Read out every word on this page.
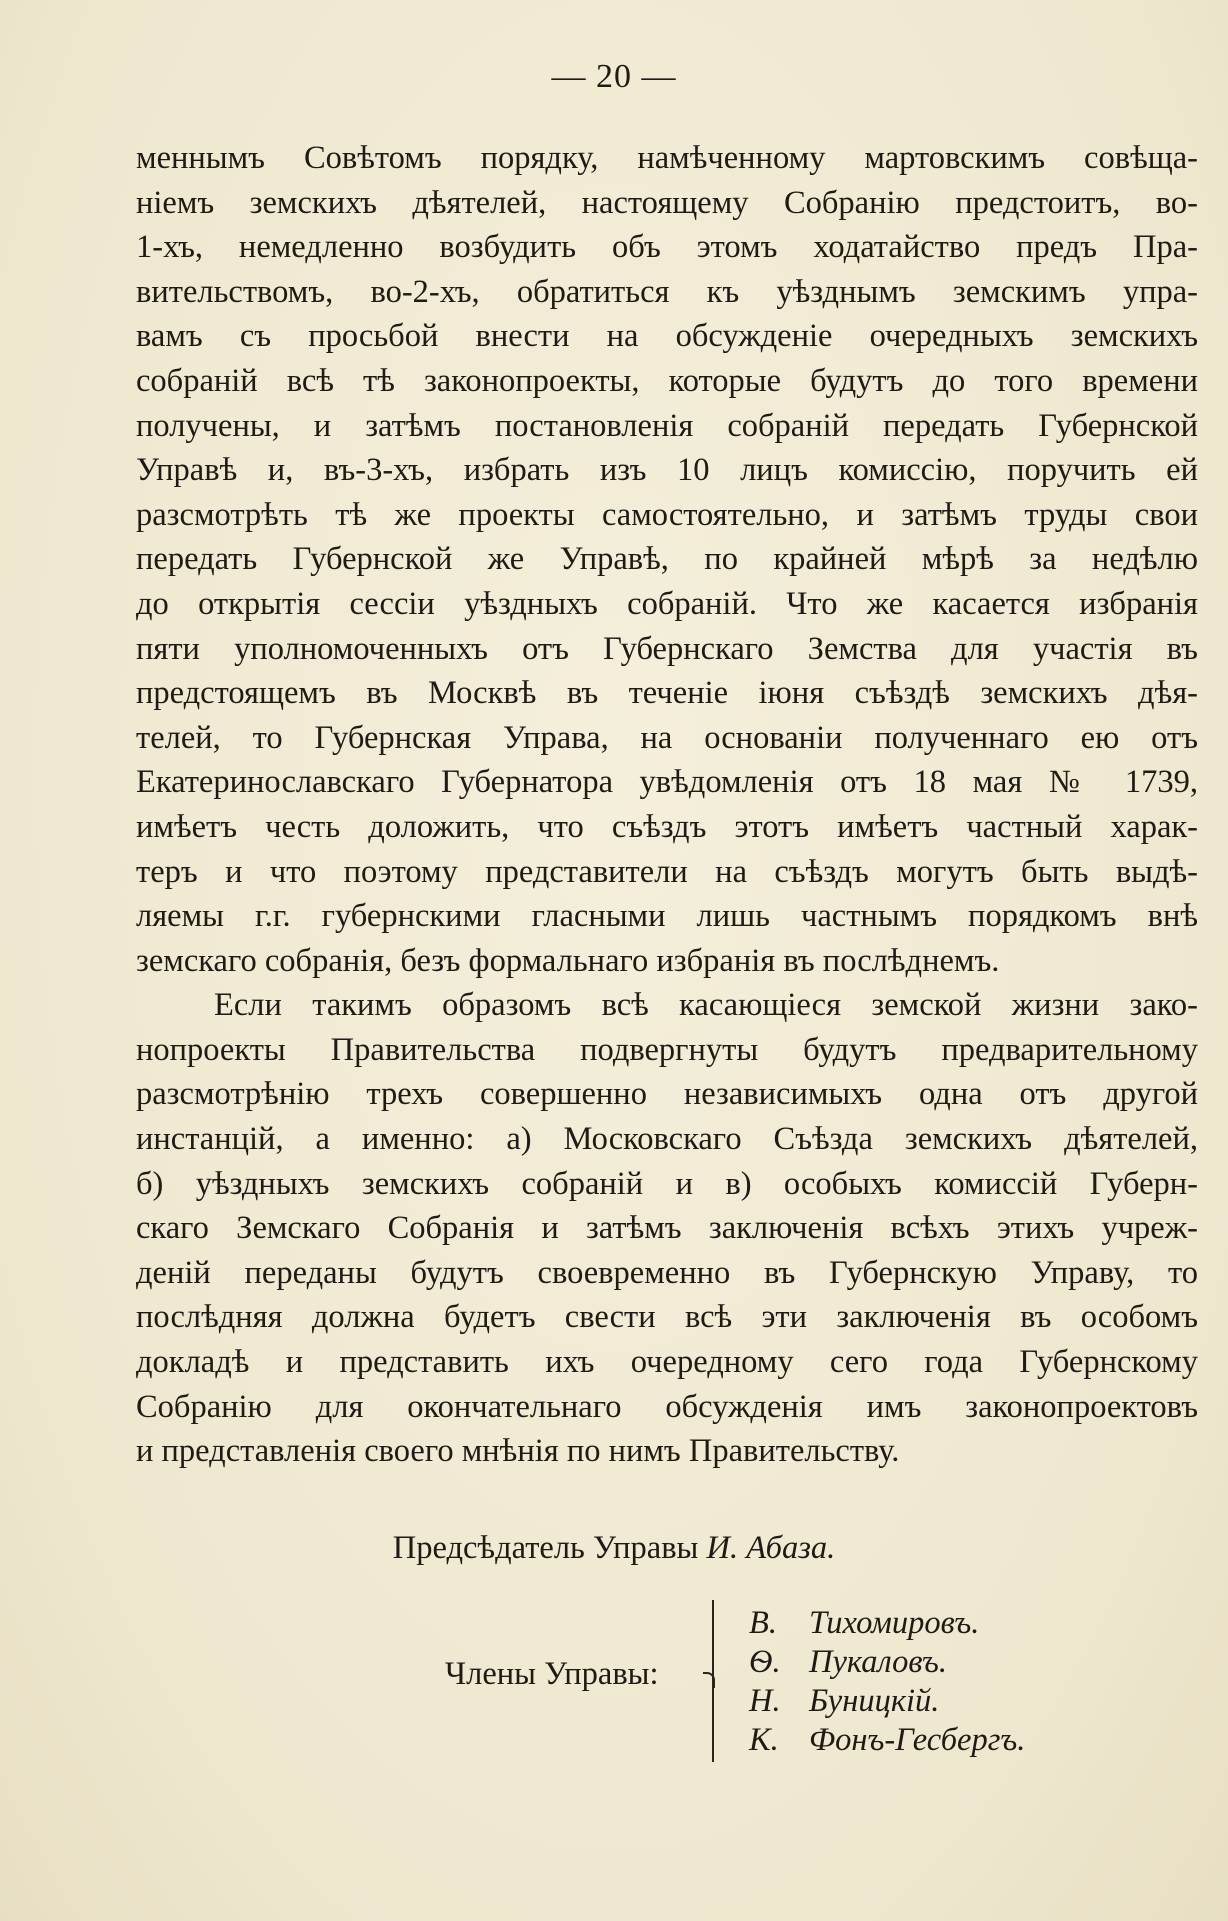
— 20 —
меннымъ Совѣтомъ порядку, намѣченному мартовскимъ совѣща-
ніемъ земскихъ дѣятелей, настоящему Собранію предстоитъ, во-
1-хъ, немедленно возбудить объ этомъ ходатайство предъ Пра-
вительствомъ, во-2-хъ, обратиться къ уѣзднымъ земскимъ упра-
вамъ съ просьбой внести на обсужденіе очередныхъ земскихъ
собраній всѣ тѣ законопроекты, которые будутъ до того времени
получены, и затѣмъ постановленія собраній передать Губернской
Управѣ и, въ-3-хъ, избрать изъ 10 лицъ комиссію, поручить ей
разсмотрѣть тѣ же проекты самостоятельно, и затѣмъ труды свои
передать Губернской же Управѣ, по крайней мѣрѣ за недѣлю
до открытія сессіи уѣздныхъ собраній. Что же касается избранія
пяти уполномоченныхъ отъ Губернскаго Земства для участія въ
предстоящемъ въ Москвѣ въ теченіе іюня съѣздѣ земскихъ дѣя-
телей, то Губернская Управа, на основаніи полученнаго ею отъ
Екатеринославскаго Губернатора увѣдомленія отъ 18 мая № 1739,
имѣетъ честь доложить, что съѣздъ этотъ имѣетъ частный харак-
теръ и что поэтому представители на съѣздъ могутъ быть выдѣ-
ляемы г.г. губернскими гласными лишь частнымъ порядкомъ внѣ
земскаго собранія, безъ формальнаго избранія въ послѣднемъ.
Если такимъ образомъ всѣ касающіеся земской жизни зако-
нопроекты Правительства подвергнуты будутъ предварительному
разсмотрѣнію трехъ совершенно независимыхъ одна отъ другой
инстанцій, а именно: а) Московскаго Съѣзда земскихъ дѣятелей,
б) уѣздныхъ земскихъ собраній и в) особыхъ комиссій Губерн-
скаго Земскаго Собранія и затѣмъ заключенія всѣхъ этихъ учреж-
деній переданы будутъ своевременно въ Губернскую Управу, то
послѣдняя должна будетъ свести всѣ эти заключенія въ особомъ
докладѣ и представить ихъ очередному сего года Губернскому
Собранію для окончательнаго обсужденія имъ законопроектовъ
и представленія своего мнѣнія по нимъ Правительству.
Предсѣдатель Управы И. Абаза.
Члены Управы:
В. Тихомировъ.
Ѳ. Пукаловъ.
Н. Буницкій.
К. Фонъ-Гесбергъ.
